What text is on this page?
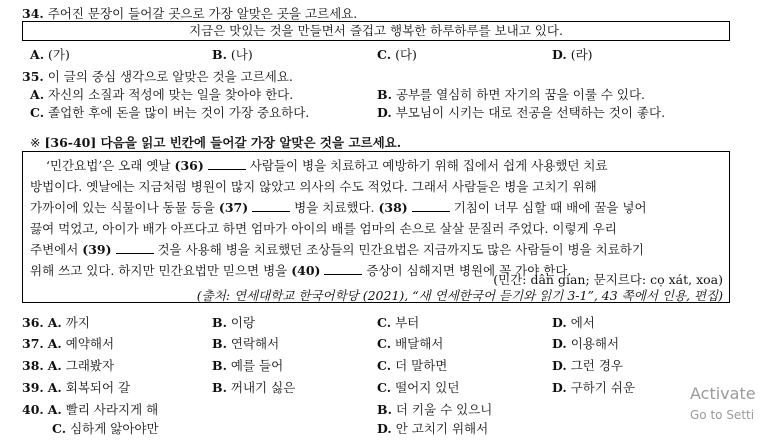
34. 주어진 문장이 들어갈 곳으로 가장 알맞은 곳을 고르세요.
지금은 맛있는 것을 만들면서 즐겁고 행복한 하루하루를 보내고 있다.
A. (가)	B. (나)	C. (다)	D. (라)
35. 이 글의 중심 생각으로 알맞은 것을 고르세요.
A. 자신의 소질과 적성에 맞는 일을 찾아야 한다.	B. 공부를 열심히 하면 자기의 꿈을 이룰 수 있다.
C. 졸업한 후에 돈을 많이 버는 것이 가장 중요하다.	D. 부모님이 시키는 대로 전공을 선택하는 것이 좋다.
※ [36-40] 다음을 읽고 빈칸에 들어갈 가장 알맞은 것을 고르세요.
‘민간요법’은 오래 옛날 (36)	사람들이 병을 치료하고 예방하기 위해 집에서 쉽게 사용했던 치료
방법이다. 옛날에는 지금처럼 병원이 많지 않았고 의사의 수도 적었다. 그래서 사람들은 병을 고치기 위해
가까이에 있는 식물이나 동물 등을 (37)	병을 치료했다. (38)	기침이 너무 심할 때 배에 꿀을 넣어
끓여 먹었고, 아이가 배가 아프다고 하면 엄마가 아이의 배를 엄마의 손으로 살살 문질러 주었다. 이렇게 우리
주변에서 (39)	것을 사용해 병을 치료했던 조상들의 민간요법은 지금까지도 많은 사람들이 병을 치료하기
위해 쓰고 있다. 하지만 민간요법만 믿으면 병을 (40)	증상이 심해지면 병원에 꼭 가야 한다.
(민간: dân gian; 문지르다: cọ xát, xoa)
(출처: 연세대학교 한국어학당 (2021), “새 연세한국어 듣기와 읽기 3-1”, 43 쪽에서 인용, 편집)
36. A. 까지	B. 이랑	C. 부터	D. 에서
37. A. 예약해서	B. 연락해서	C. 배달해서	D. 이용해서
38. A. 그래봤자	B. 예를 들어	C. 더 말하면	D. 그런 경우
39. A. 회복되어 갈	B. 꺼내기 싫은	C. 떨어지 있던	D. 구하기 쉬운
40. A. 빨리 사라지게 해	B. 더 키울 수 있으니
C. 심하게 앓아야만	D. 안 고치기 위해서
Activate
Go to Setti
